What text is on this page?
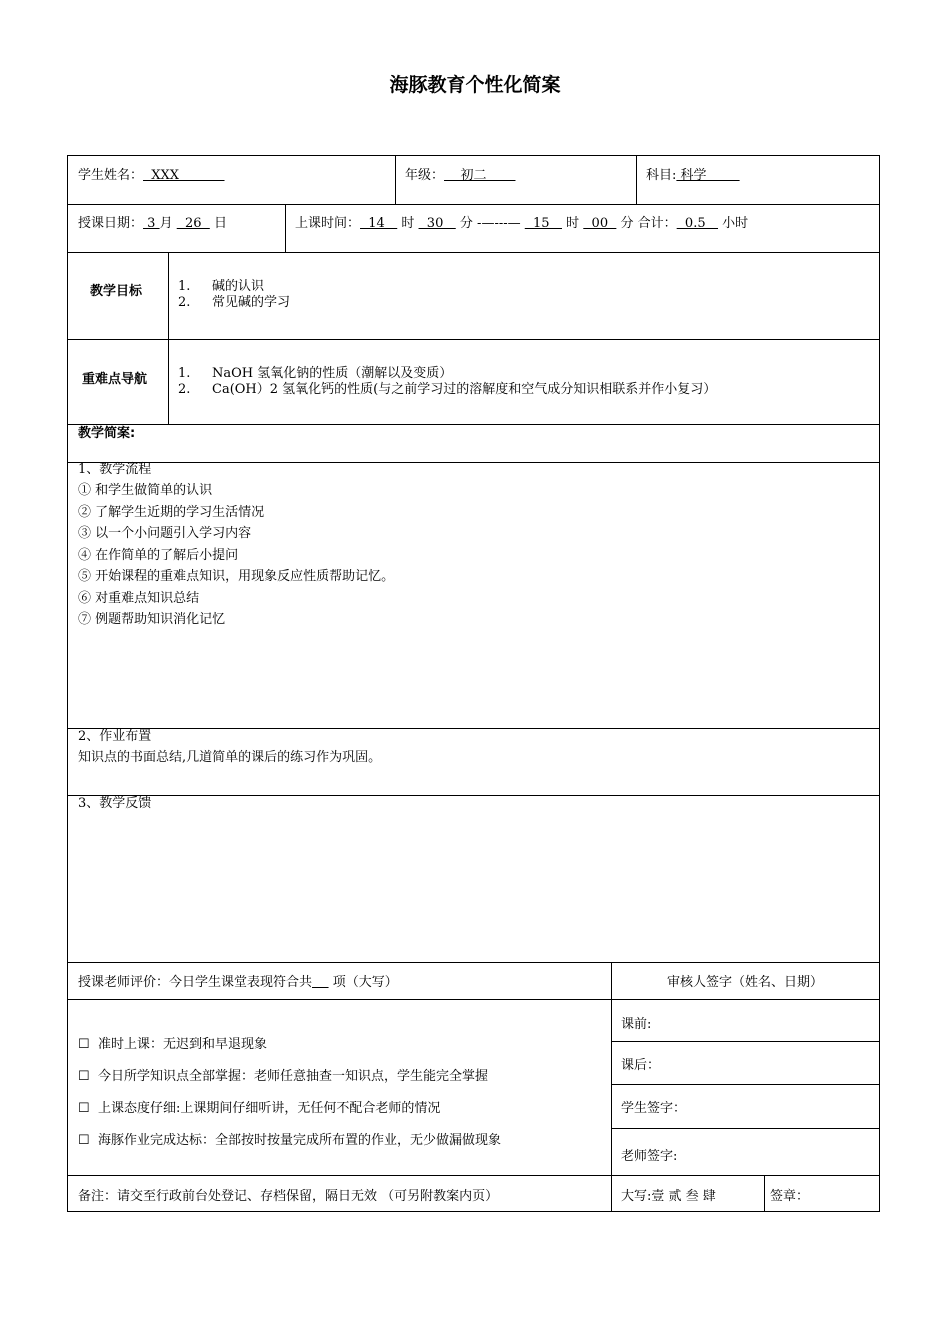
海豚教育个性化简案
学生姓名：  XXX	年级：    初二	科目: 科学
授课日期： 3 月   26   日	上课时间：  14    时   30    分 -—---—   15    时   00   分 合计：  0.5    小时
教学目标	1. 碱的认识
2. 常见碱的学习
重难点导航 1. NaOH 氢氧化钠的性质（潮解以及变质）
2. Ca(OH）2 氢氧化钙的性质(与之前学习过的溶解度和空气成分知识相联系并作小复习）
教学简案:
1、教学流程
① 和学生做简单的认识
② 了解学生近期的学习生活情况
③ 以一个小问题引入学习内容
④ 在作简单的了解后小提问
⑤ 开始课程的重难点知识，用现象反应性质帮助记忆。
⑥ 对重难点知识总结
⑦ 例题帮助知识消化记忆
2、作业布置
知识点的书面总结,几道简单的课后的练习作为巩固。
3、教学反馈
授课老师评价：今日学生课堂表现符合共 项（大写）	审核人签字（姓名、日期）
☐ 准时上课：无迟到和早退现象
☐ 今日所学知识点全部掌握：老师任意抽查一知识点，学生能完全掌握
☐ 上课态度仔细:上课期间仔细听讲，无任何不配合老师的情况
☐ 海豚作业完成达标：全部按时按量完成所布置的作业，无少做漏做现象
课前:
课后：
学生签字：
老师签字:
备注：请交至行政前台处登记、存档保留，隔日无效 （可另附教案内页）	大写:壹 贰 叁 肆	签章：
